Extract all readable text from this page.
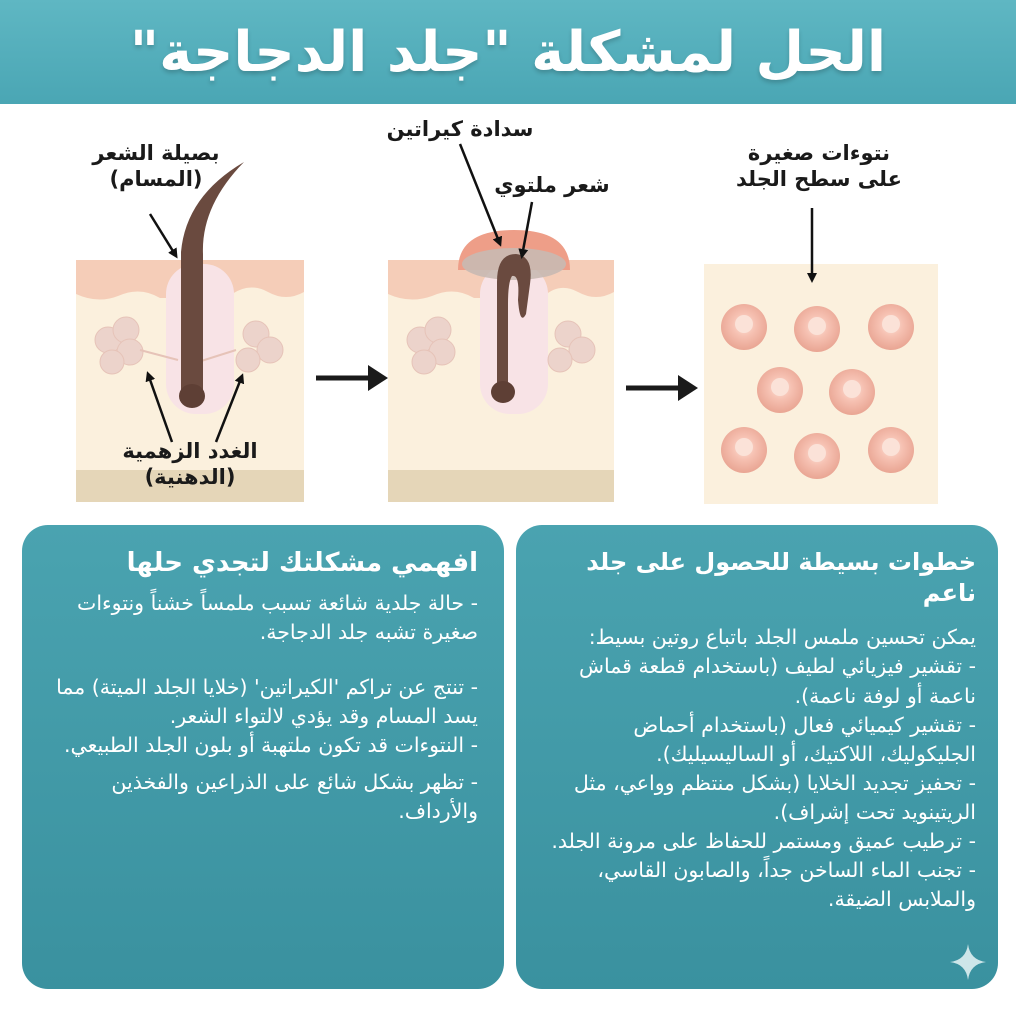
الحل لمشكلة "جلد الدجاجة"
بصيلة الشعر
(المسام)
الغدد الزهمية
(الدهنية)
سدادة كيراتين
شعر ملتوي
نتوءات صغيرة
على سطح الجلد
افهمي مشكلتك لتجدي حلها

- حالة جلدية شائعة تسبب ملمساً خشناً ونتوءات صغيرة تشبه جلد الدجاجة.

- تنتج عن تراكم 'الكيراتين' (خلايا الجلد الميتة) مما يسد المسام وقد يؤدي لالتواء الشعر.

- النتوءات قد تكون ملتهبة أو بلون الجلد الطبيعي.

- تظهر بشكل شائع على الذراعين والفخذين والأرداف.

خطوات بسيطة للحصول على جلد ناعم

يمكن تحسين ملمس الجلد باتباع روتين بسيط:

- تقشير فيزيائي لطيف (باستخدام قطعة قماش ناعمة أو لوفة ناعمة).

- تقشير كيميائي فعال (باستخدام أحماض الجليكوليك، اللاكتيك، أو الساليسيليك).

- تحفيز تجديد الخلايا (بشكل منتظم وواعي، مثل الريتينويد تحت إشراف).

- ترطيب عميق ومستمر للحفاظ على مرونة الجلد.

- تجنب الماء الساخن جداً، والصابون القاسي، والملابس الضيقة.
